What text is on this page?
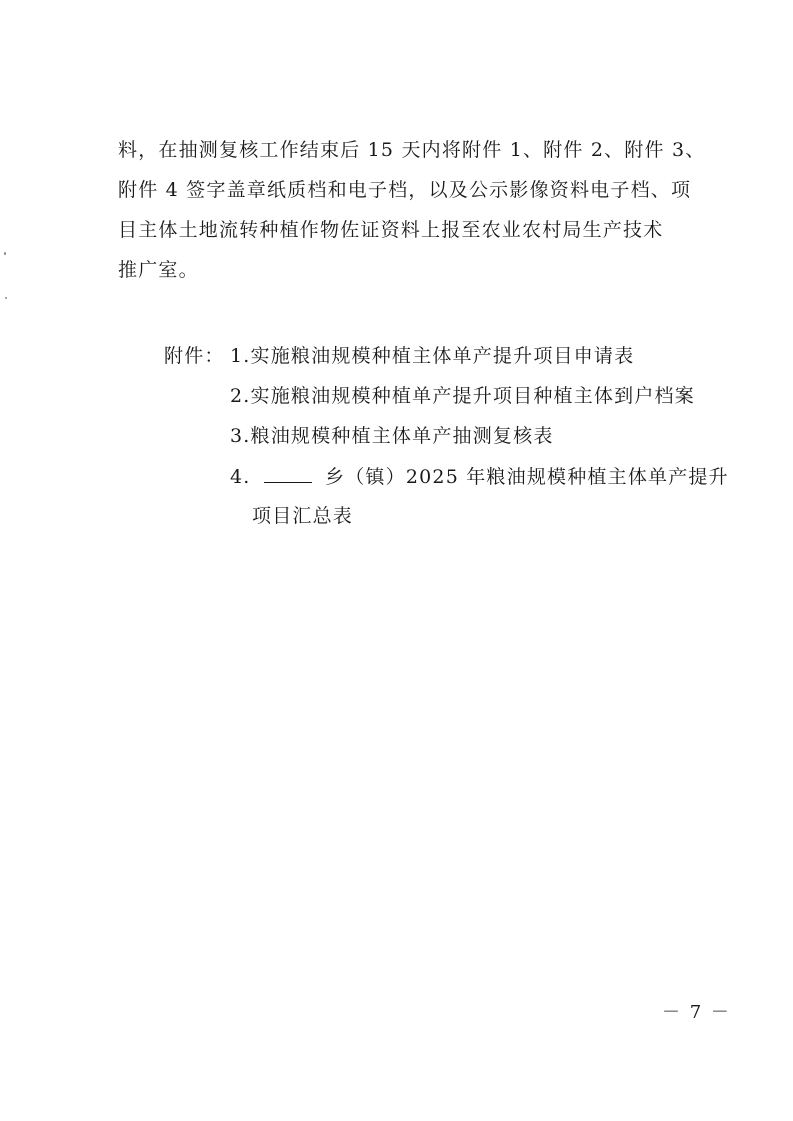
料，在抽测复核工作结束后 15 天内将附件 1、附件 2、附件 3、
附件 4 签字盖章纸质档和电子档，以及公示影像资料电子档、项
目主体土地流转种植作物佐证资料上报至农业农村局生产技术
推广室。
附件： 1.实施粮油规模种植主体单产提升项目申请表
2.实施粮油规模种植单产提升项目种植主体到户档案
3.粮油规模种植主体单产抽测复核表
4.	乡（镇）2025 年粮油规模种植主体单产提升
项目汇总表
－ 7 －
